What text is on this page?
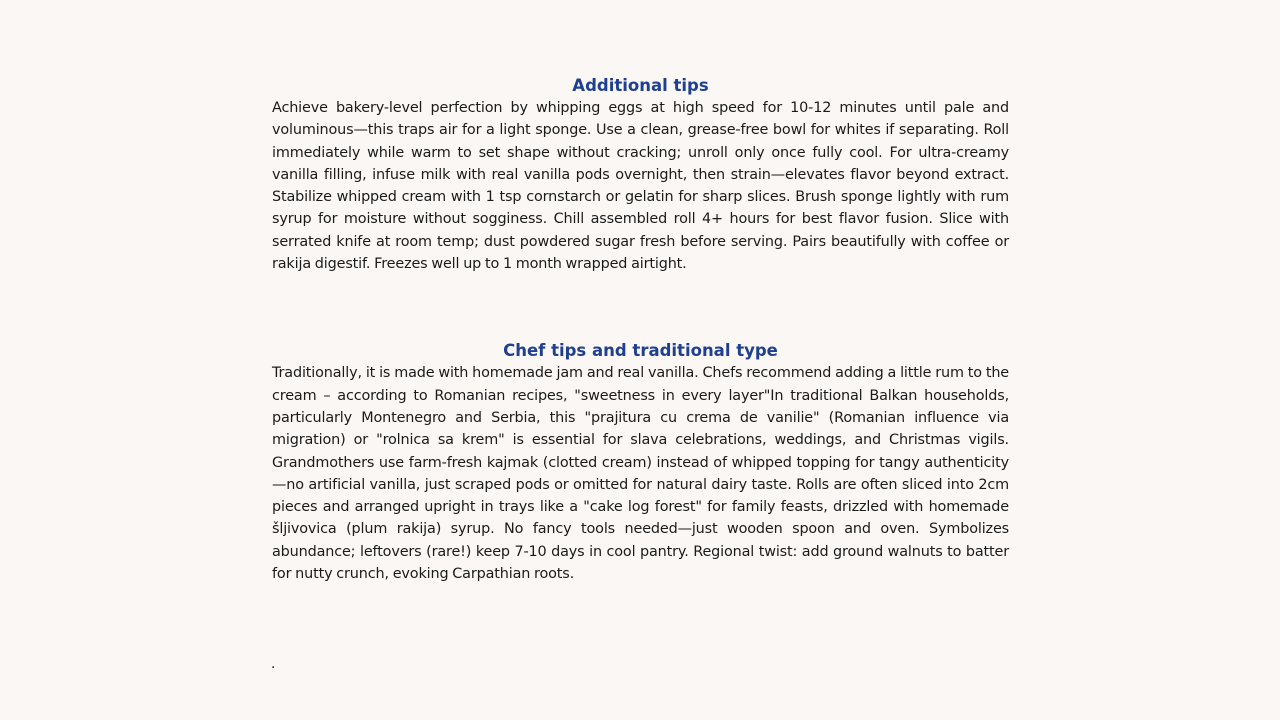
Additional tips

Achieve bakery-level perfection by whipping eggs at high speed for 10-12 minutes until pale and voluminous—this traps air for a light sponge. Use a clean, grease-free bowl for whites if separating. Roll immediately while warm to set shape without cracking; unroll only once fully cool. For ultra-creamy vanilla filling, infuse milk with real vanilla pods overnight, then strain—elevates flavor beyond extract. Stabilize whipped cream with 1 tsp cornstarch or gelatin for sharp slices. Brush sponge lightly with rum syrup for moisture without sogginess. Chill assembled roll 4+ hours for best flavor fusion. Slice with serrated knife at room temp; dust powdered sugar fresh before serving. Pairs beautifully with coffee or rakija digestif. Freezes well up to 1 month wrapped airtight.

Chef tips and traditional type

Traditionally, it is made with homemade jam and real vanilla. Chefs recommend adding a little rum to the cream – according to Romanian recipes, "sweetness in every layer"In traditional Balkan households, particularly Montenegro and Serbia, this "prajitura cu crema de vanilie" (Romanian influence via migration) or "rolnica sa krem" is essential for slava celebrations, weddings, and Christmas vigils. Grandmothers use farm-fresh kajmak (clotted cream) instead of whipped topping for tangy authenticity—no artificial vanilla, just scraped pods or omitted for natural dairy taste. Rolls are often sliced into 2cm pieces and arranged upright in trays like a "cake log forest" for family feasts, drizzled with homemade šljivovica (plum rakija) syrup. No fancy tools needed—just wooden spoon and oven. Symbolizes abundance; leftovers (rare!) keep 7-10 days in cool pantry. Regional twist: add ground walnuts to batter for nutty crunch, evoking Carpathian roots.

.
